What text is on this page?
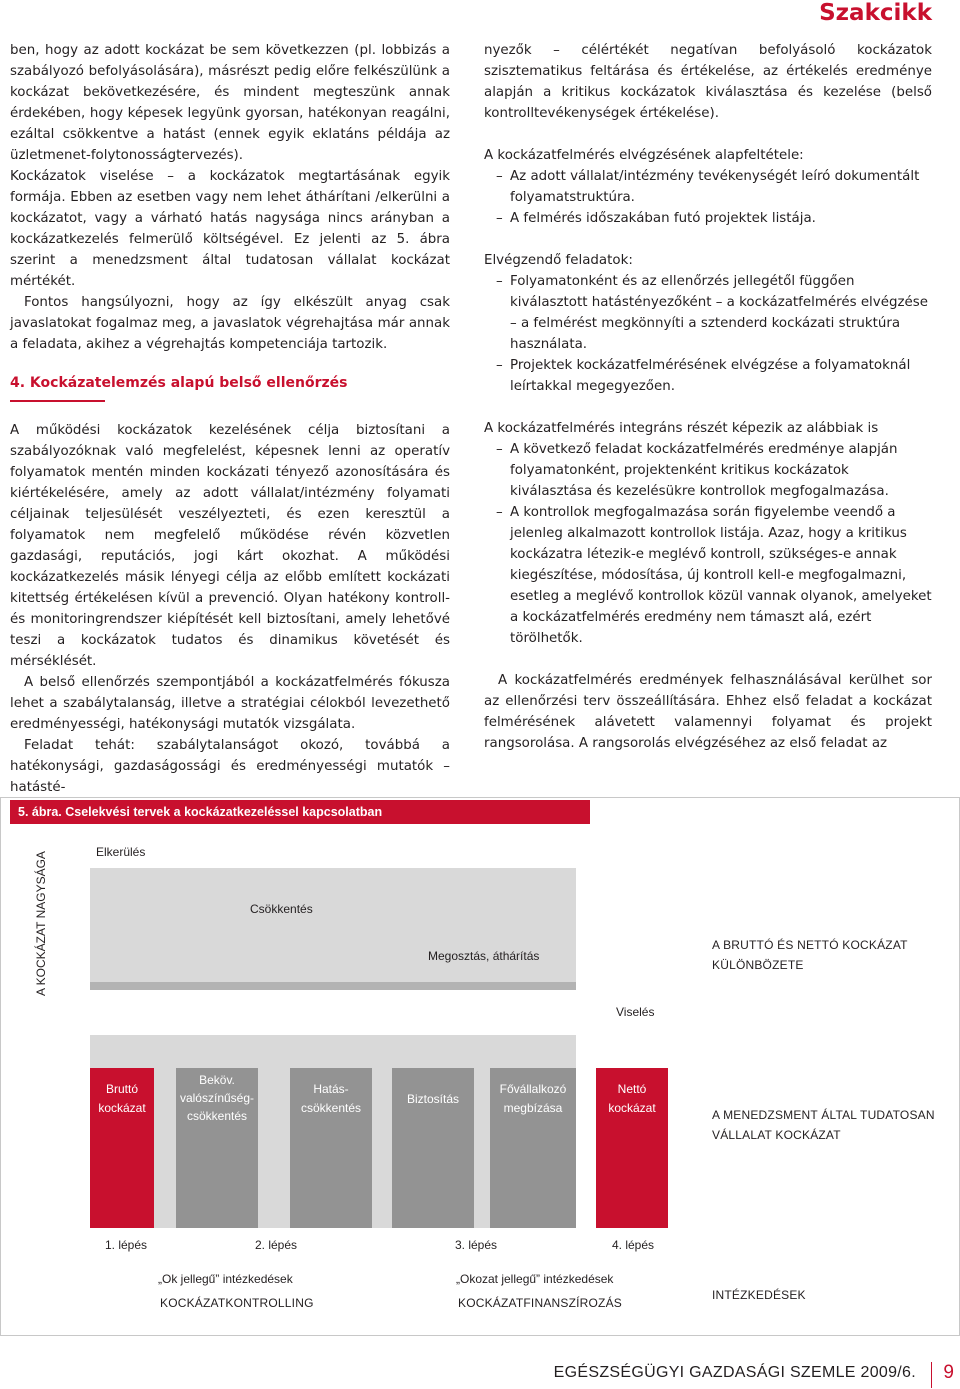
Szakcikk

ben, hogy az adott kockázat be sem következzen (pl. lobbizás a szabályozó befolyásolására), másrészt pedig előre felkészülünk a kockázat bekövetkezésére, és mindent megteszünk annak érdekében, hogy képesek legyünk gyorsan, hatékonyan reagálni, ezáltal csökkentve a hatást (ennek egyik eklatáns példája az üzletmenet-folytonosságtervezés).

Kockázatok viselése – a kockázatok megtartásának egyik formája. Ebben az esetben vagy nem lehet áthárítani /elkerülni a kockázatot, vagy a várható hatás nagysága nincs arányban a kockázatkezelés felmerülő költségével. Ez jelenti az 5. ábra szerint a menedzsment által tudatosan vállalat kockázat mértékét.

Fontos hangsúlyozni, hogy az így elkészült anyag csak javaslatokat fogalmaz meg, a javaslatok végrehajtása már annak a feladata, akihez a végrehajtás kompetenciája tartozik.

4. Kockázatelemzés alapú belső ellenőrzés

A működési kockázatok kezelésének célja biztosítani a szabályozóknak való megfelelést, képesnek lenni az operatív folyamatok mentén minden kockázati tényező azonosítására és kiértékelésére, amely az adott vállalat/intézmény folyamati céljainak teljesülését veszélyezteti, és ezen keresztül a folyamatok nem megfelelő működése révén közvetlen gazdasági, reputációs, jogi kárt okozhat. A működési kockázatkezelés másik lényegi célja az előbb említett kockázati kitettség értékelésen kívül a prevenció. Olyan hatékony kontroll- és monitoringrendszer kiépítését kell biztosítani, amely lehetővé teszi a kockázatok tudatos és dinamikus követését és mérséklését.

A belső ellenőrzés szempontjából a kockázatfelmérés fókusza lehet a szabálytalanság, illetve a stratégiai célokból levezethető eredményességi, hatékonysági mutatók vizsgálata.

Feladat tehát: szabálytalanságot okozó, továbbá a hatékonysági, gazdaságossági és eredményességi mutatók – hatásté-

nyezők – célértékét negatívan befolyásoló kockázatok szisztematikus feltárása és értékelése, az értékelés eredménye alapján a kritikus kockázatok kiválasztása és kezelése (belső kontrolltevékenységek értékelése).

A kockázatfelmérés elvégzésének alapfeltétele:

– Az adott vállalat/intézmény tevékenységét leíró dokumentált folyamatstruktúra.
– A felmérés időszakában futó projektek listája.

Elvégzendő feladatok:

– Folyamatonként és az ellenőrzés jellegétől függően kiválasztott hatástényezőként – a kockázatfelmérés elvégzése – a felmérést megkönnyíti a sztenderd kockázati struktúra használata.
– Projektek kockázatfelmérésének elvégzése a folyamatoknál leírtakkal megegyezően.

A kockázatfelmérés integráns részét képezik az alábbiak is

– A következő feladat kockázatfelmérés eredménye alapján folyamatonként, projektenként kritikus kockázatok kiválasztása és kezelésükre kontrollok megfogalmazása.
– A kontrollok megfogalmazása során figyelembe veendő a jelenleg alkalmazott kontrollok listája. Azaz, hogy a kritikus kockázatra létezik-e meglévő kontroll, szükséges-e annak kiegészítése, módosítása, új kontroll kell-e megfogalmazni, esetleg a meglévő kontrollok közül vannak olyanok, amelyeket a kockázatfelmérés eredmény nem támaszt alá, ezért törölhetők.

A kockázatfelmérés eredmények felhasználásával kerülhet sor az ellenőrzési terv összeállítására. Ehhez első feladat a kockázat felmérésének alávetett valamennyi folyamat és projekt rangsorolása. A rangsorolás elvégzéséhez az első feladat az

5. ábra. Cselekvési tervek a kockázatkezeléssel kapcsolatban
A KOCKÁZAT NAGYSÁGA	Elkerülés
Csökkentés
Megosztás, áthárítás
Viselés
A BRUTTÓ ÉS NETTÓ KOCKÁZAT
KÜLÖNBÖZETE
A MENEDZSMENT ÁLTAL TUDATOSAN
VÁLLALAT KOCKÁZAT
Bruttó
kockázat
Beköv.
valószínűség-
csökkentés
Hatás-
csökkentés
Biztosítás
Fővállalkozó
megbízása
Nettó
kockázat
1. lépés	2. lépés	3. lépés	4. lépés
„Ok jellegű” intézkedések
KOCKÁZATKONTROLLING
„Okozat jellegű” intézkedések
KOCKÁZATFINANSZÍROZÁS
INTÉZKEDÉSEK
EGÉSZSÉGÜGYI GAZDASÁGI SZEMLE 2009/6. 9
